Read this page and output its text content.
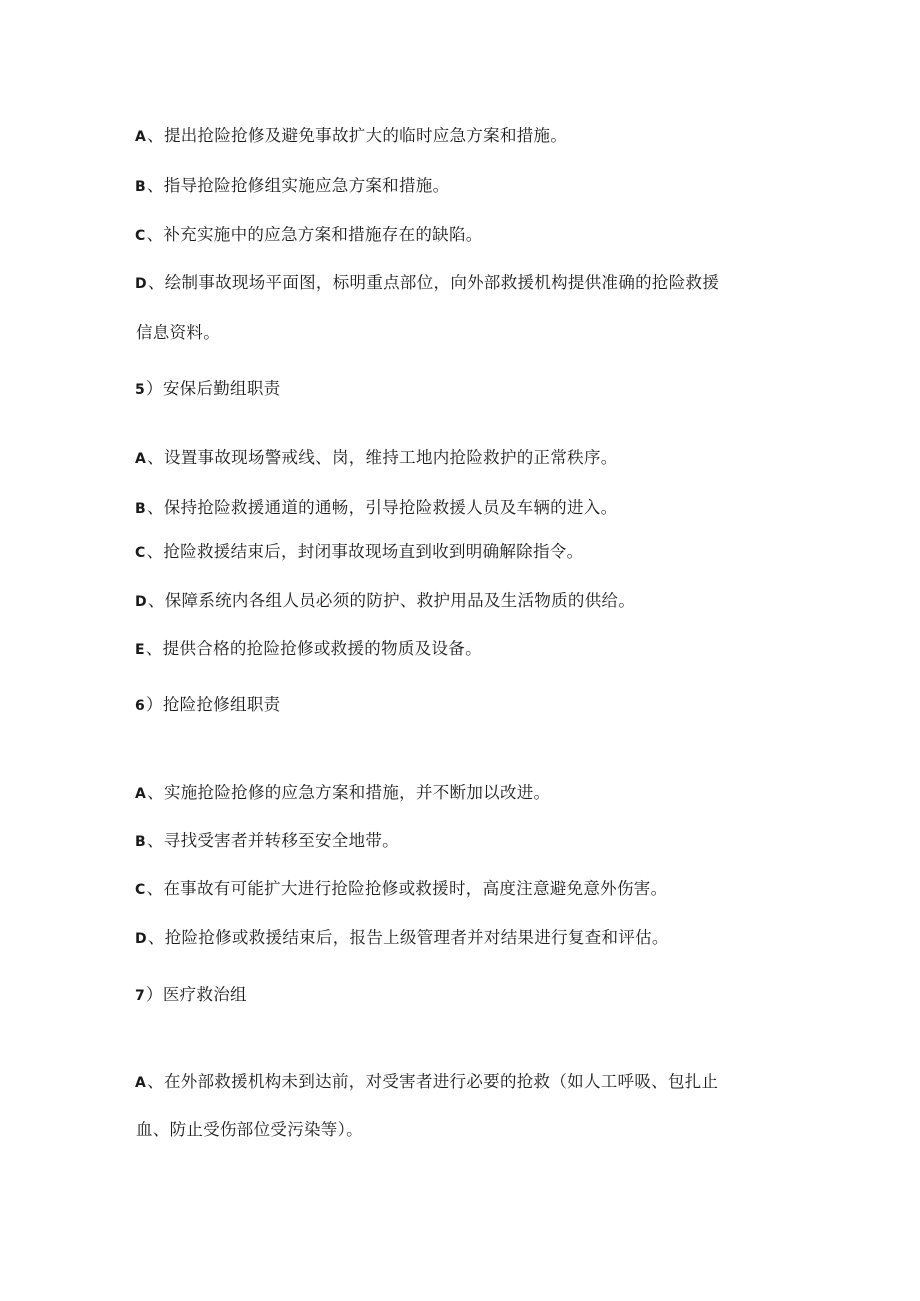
A、提出抢险抢修及避免事故扩大的临时应急方案和措施。
B、指导抢险抢修组实施应急方案和措施。
C、补充实施中的应急方案和措施存在的缺陷。
D、绘制事故现场平面图，标明重点部位，向外部救援机构提供准确的抢险救援
信息资料。
5）安保后勤组职责
A、设置事故现场警戒线、岗，维持工地内抢险救护的正常秩序。
B、保持抢险救援通道的通畅，引导抢险救援人员及车辆的进入。
C、抢险救援结束后，封闭事故现场直到收到明确解除指令。
D、保障系统内各组人员必须的防护、救护用品及生活物质的供给。
E、提供合格的抢险抢修或救援的物质及设备。
6）抢险抢修组职责
A、实施抢险抢修的应急方案和措施，并不断加以改进。
B、寻找受害者并转移至安全地带。
C、在事故有可能扩大进行抢险抢修或救援时，高度注意避免意外伤害。
D、抢险抢修或救援结束后，报告上级管理者并对结果进行复查和评估。
7）医疗救治组
A、在外部救援机构未到达前，对受害者进行必要的抢救（如人工呼吸、包扎止
血、防止受伤部位受污染等）。
